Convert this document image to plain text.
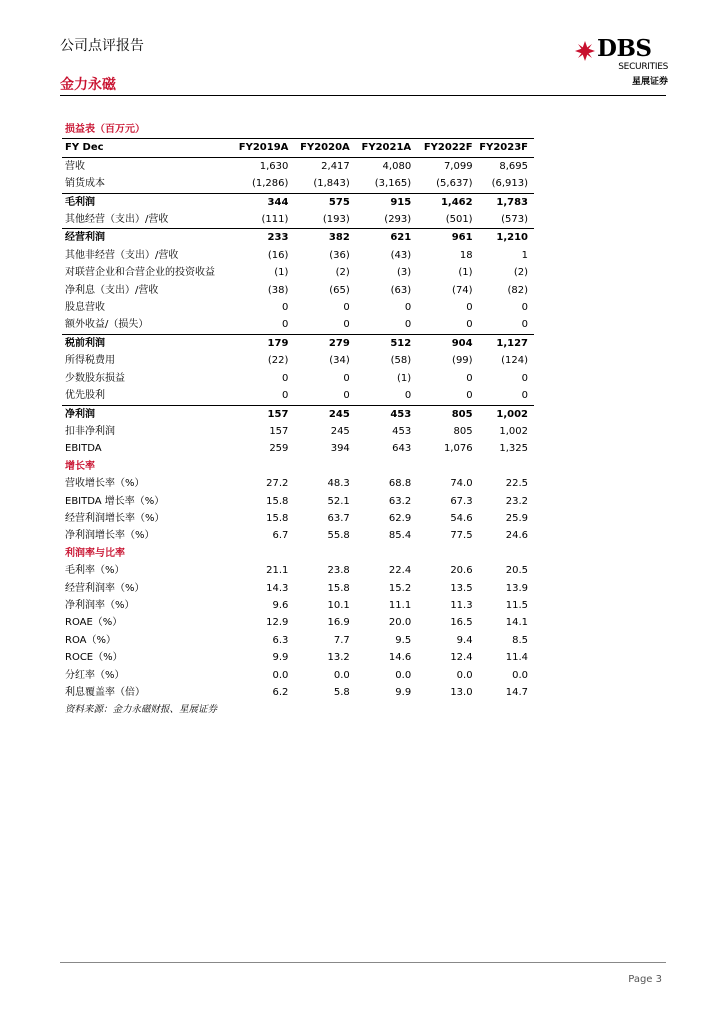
公司点评报告
金力永磁
DBS
SECURITIES
星展证券
损益表（百万元）					
FY Dec	FY2019A	FY2020A	FY2021A	FY2022F	FY2023F
营收	1,630	2,417	4,080	7,099	8,695
销货成本	(1,286)	(1,843)	(3,165)	(5,637)	(6,913)
毛利润	344	575	915	1,462	1,783
其他经营（支出）/营收	(111)	(193)	(293)	(501)	(573)
经营利润	233	382	621	961	1,210
其他非经营（支出）/营收	(16)	(36)	(43)	18	1
对联营企业和合营企业的投资收益	(1)	(2)	(3)	(1)	(2)
净利息（支出）/营收	(38)	(65)	(63)	(74)	(82)
股息营收	0	0	0	0	0
额外收益/（损失）	0	0	0	0	0
税前利润	179	279	512	904	1,127
所得税费用	(22)	(34)	(58)	(99)	(124)
少数股东损益	0	0	(1)	0	0
优先股利	0	0	0	0	0
净利润	157	245	453	805	1,002
扣非净利润	157	245	453	805	1,002
EBITDA	259	394	643	1,076	1,325
增长率					
营收增长率（%）	27.2	48.3	68.8	74.0	22.5
EBITDA 增长率（%）	15.8	52.1	63.2	67.3	23.2
经营利润增长率（%）	15.8	63.7	62.9	54.6	25.9
净利润增长率（%）	6.7	55.8	85.4	77.5	24.6
利润率与比率					
毛利率（%）	21.1	23.8	22.4	20.6	20.5
经营利润率（%）	14.3	15.8	15.2	13.5	13.9
净利润率（%）	9.6	10.1	11.1	11.3	11.5
ROAE（%）	12.9	16.9	20.0	16.5	14.1
ROA（%）	6.3	7.7	9.5	9.4	8.5
ROCE（%）	9.9	13.2	14.6	12.4	11.4
分红率（%）	0.0	0.0	0.0	0.0	0.0
利息覆盖率（倍）	6.2	5.8	9.9	13.0	14.7
资料来源：金力永磁财报、星展证券
Page 3
